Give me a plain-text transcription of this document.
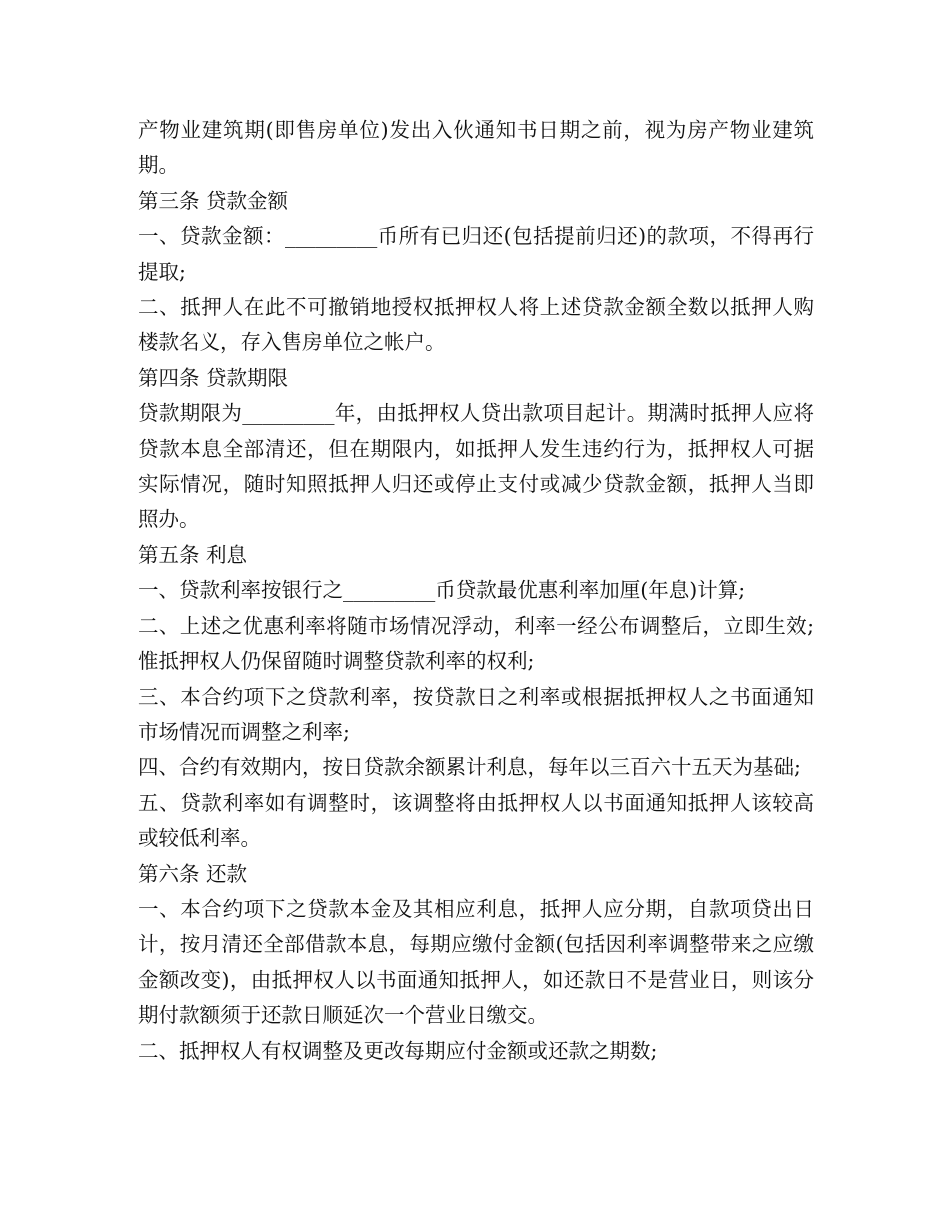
产物业建筑期(即售房单位)发出入伙通知书日期之前，视为房产物业建筑期。

第三条 贷款金额

一、贷款金额：_________币所有已归还(包括提前归还)的款项，不得再行提取;

二、抵押人在此不可撤销地授权抵押权人将上述贷款金额全数以抵押人购楼款名义，存入售房单位之帐户。

第四条 贷款期限

贷款期限为_________年，由抵押权人贷出款项目起计。期满时抵押人应将贷款本息全部清还，但在期限内，如抵押人发生违约行为，抵押权人可据实际情况，随时知照抵押人归还或停止支付或减少贷款金额，抵押人当即照办。

第五条 利息

一、贷款利率按银行之_________币贷款最优惠利率加厘(年息)计算;

二、上述之优惠利率将随市场情况浮动，利率一经公布调整后，立即生效;惟抵押权人仍保留随时调整贷款利率的权利;

三、本合约项下之贷款利率，按贷款日之利率或根据抵押权人之书面通知市场情况而调整之利率;

四、合约有效期内，按日贷款余额累计利息，每年以三百六十五天为基础;

五、贷款利率如有调整时，该调整将由抵押权人以书面通知抵押人该较高或较低利率。

第六条 还款

一、本合约项下之贷款本金及其相应利息，抵押人应分期，自款项贷出日计，按月清还全部借款本息，每期应缴付金额(包括因利率调整带来之应缴金额改变)，由抵押权人以书面通知抵押人，如还款日不是营业日，则该分期付款额须于还款日顺延次一个营业日缴交。

二、抵押权人有权调整及更改每期应付金额或还款之期数;
